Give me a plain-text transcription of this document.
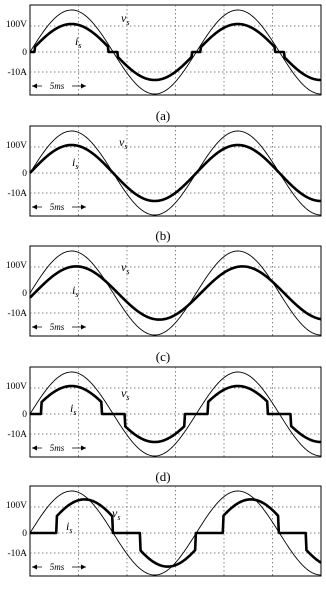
100V
0
-10A
$v_s$
$i_s$
5ms
(a)
100V
0
-10A
$v_s$
$i_s$
5ms
(b)
100V
0
-10A
$v_s$
$i_s$
5ms
(c)
100V
0
-10A
$v_s$
$i_s$
5ms
(d)
100V
0
-10A
$v_s$
$i_s$
5ms
